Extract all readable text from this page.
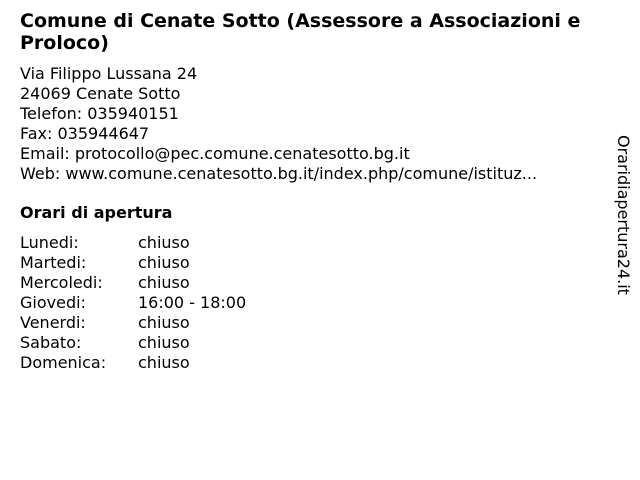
Comune di Cenate Sotto (Assessore a Associazioni e Proloco)
Via Filippo Lussana 24
24069 Cenate Sotto
Telefon: 035940151
Fax: 035944647
Email: protocollo@pec.comune.cenatesotto.bg.it
Web: www.comune.cenatesotto.bg.it/index.php/comune/istituz...
Orari di apertura
Lunedi:	chiuso
Martedi:	chiuso
Mercoledi:	chiuso
Giovedi:	16:00 - 18:00
Venerdi:	chiuso
Sabato:	chiuso
Domenica:	chiuso
Oraridiapertura24.it
